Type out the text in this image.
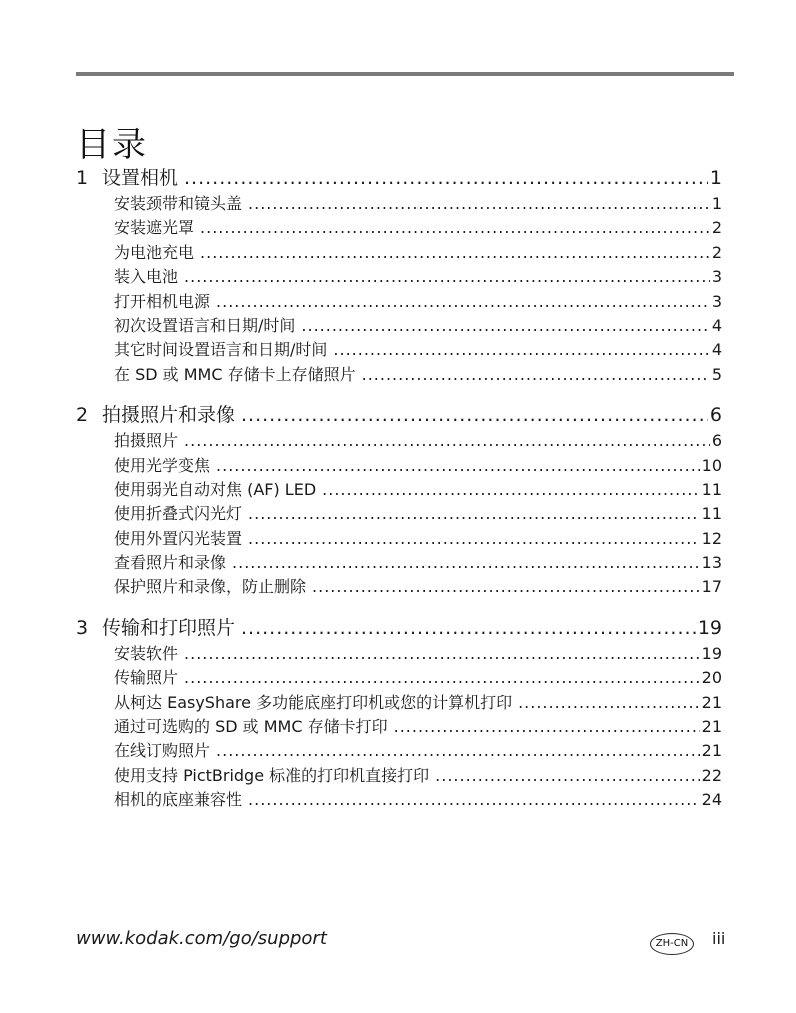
目录
1 设置相机 .....	1
安装颈带和镜头盖 .....	1
安装遮光罩 .....	2
为电池充电 .....	2
装入电池 .....	3
打开相机电源 .....	3
初次设置语言和日期/时间 .....	4
其它时间设置语言和日期/时间 .....	4
在 SD 或 MMC 存储卡上存储照片 .....	5
2 拍摄照片和录像 .....	6
拍摄照片 .....	6
使用光学变焦 .....	10
使用弱光自动对焦 (AF) LED .....	11
使用折叠式闪光灯 .....	11
使用外置闪光装置 .....	12
查看照片和录像 .....	13
保护照片和录像，防止删除 .....	17
3 传输和打印照片 .....	19
安装软件 .....	19
传输照片 .....	20
从柯达 EasyShare 多功能底座打印机或您的计算机打印 .....	21
通过可选购的 SD 或 MMC 存储卡打印 .....	21
在线订购照片 .....	21
使用支持 PictBridge 标准的打印机直接打印 .....	22
相机的底座兼容性 .....	24
www.kodak.com/go/support	ZH-CN	iii
